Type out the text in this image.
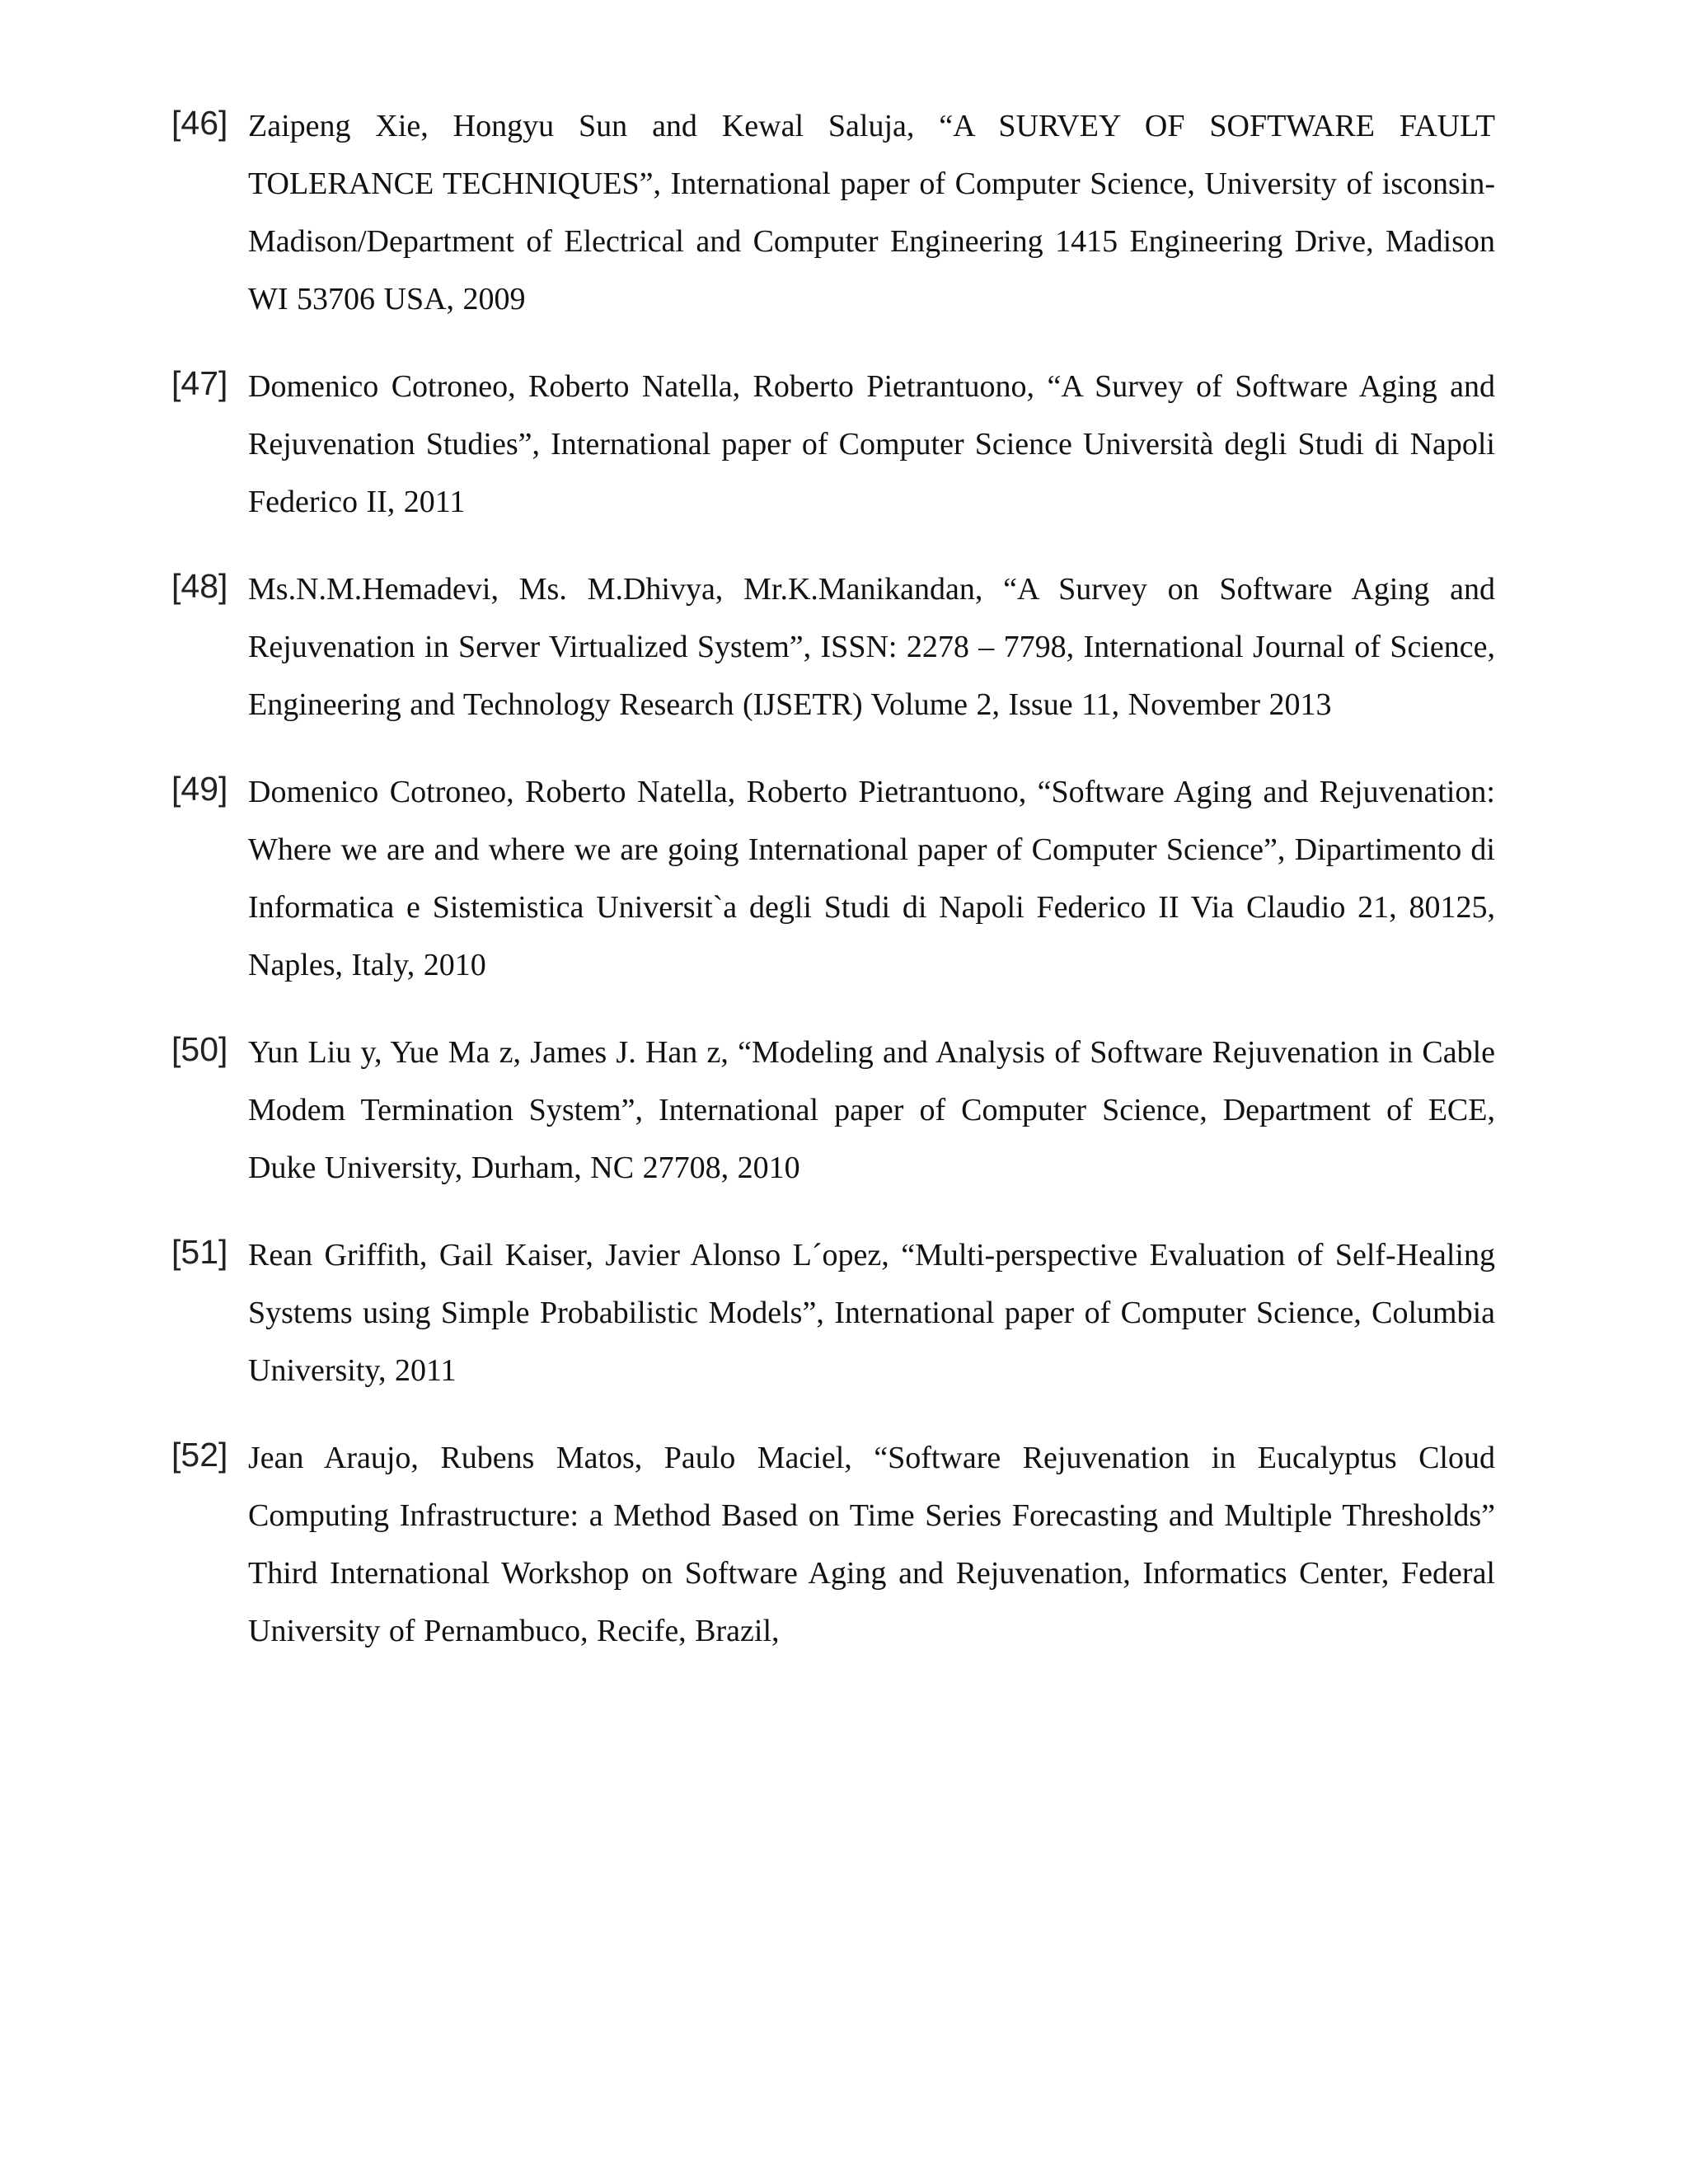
[46] Zaipeng Xie, Hongyu Sun and Kewal Saluja, “A SURVEY OF SOFTWARE FAULT TOLERANCE TECHNIQUES”, International paper of Computer Science, University of isconsin-Madison/Department of Electrical and Computer Engineering 1415 Engineering Drive, Madison WI 53706 USA, 2009
[47] Domenico Cotroneo, Roberto Natella, Roberto Pietrantuono, “A Survey of Software Aging and Rejuvenation Studies”, International paper of Computer Science Università degli Studi di Napoli Federico II, 2011
[48] Ms.N.M.Hemadevi, Ms. M.Dhivya, Mr.K.Manikandan, “A Survey on Software Aging and Rejuvenation in Server Virtualized System”, ISSN: 2278 – 7798, International Journal of Science, Engineering and Technology Research (IJSETR) Volume 2, Issue 11, November 2013
[49] Domenico Cotroneo, Roberto Natella, Roberto Pietrantuono, “Software Aging and Rejuvenation: Where we are and where we are going International paper of Computer Science”, Dipartimento di Informatica e Sistemistica Universit`a degli Studi di Napoli Federico II Via Claudio 21, 80125, Naples, Italy, 2010
[50] Yun Liu y, Yue Ma z, James J. Han z, “Modeling and Analysis of Software Rejuvenation in Cable Modem Termination System”, International paper of Computer Science, Department of ECE, Duke University, Durham, NC 27708, 2010
[51] Rean Griffith, Gail Kaiser, Javier Alonso L´opez, “Multi-perspective Evaluation of Self-Healing Systems using Simple Probabilistic Models”, International paper of Computer Science, Columbia University, 2011
[52] Jean Araujo, Rubens Matos, Paulo Maciel, “Software Rejuvenation in Eucalyptus Cloud Computing Infrastructure: a Method Based on Time Series Forecasting and Multiple Thresholds” Third International Workshop on Software Aging and Rejuvenation, Informatics Center, Federal University of Pernambuco, Recife, Brazil,
